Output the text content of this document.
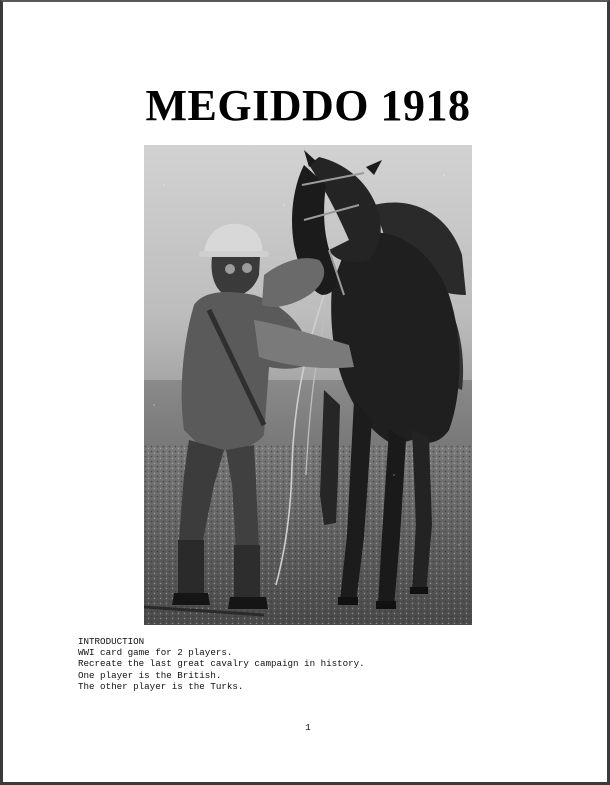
MEGIDDO 1918
INTRODUCTION
WWI card game for 2 players.
Recreate the last great cavalry campaign in history.
One player is the British.
The other player is the Turks.
1
